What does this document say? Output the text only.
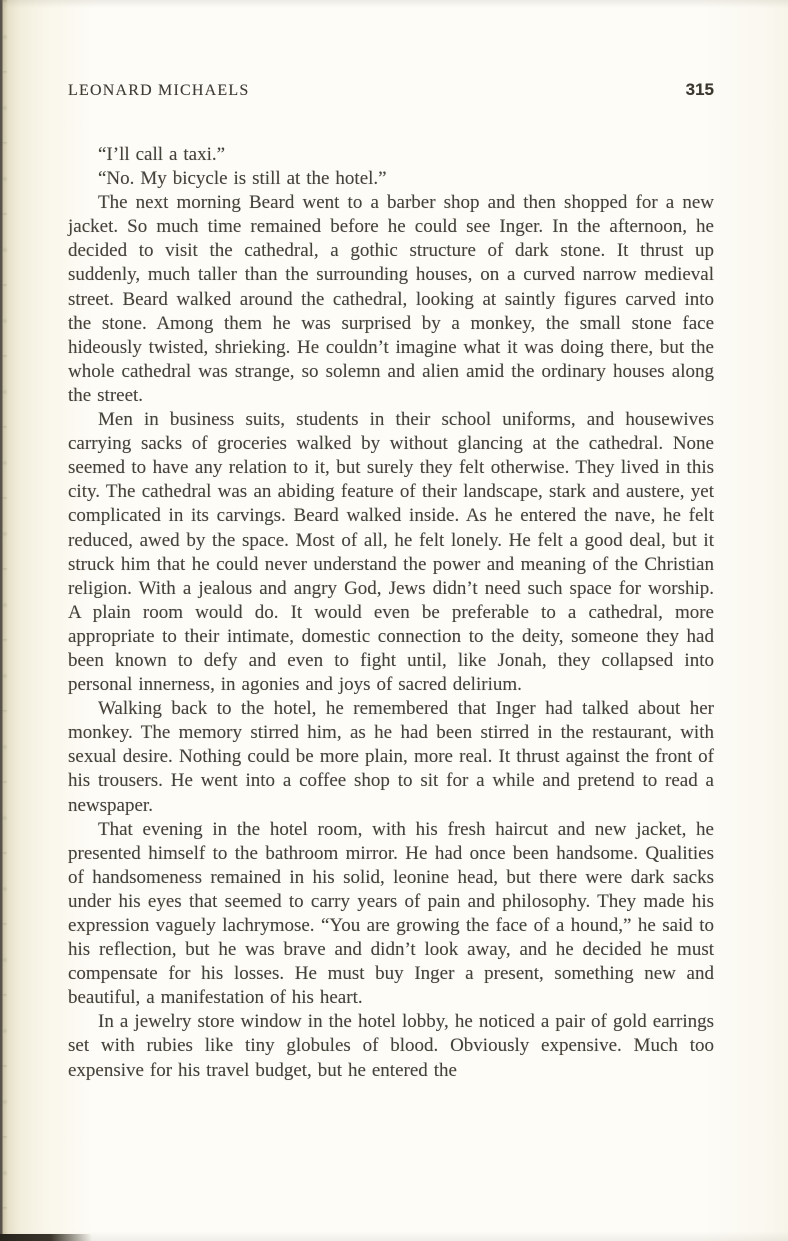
LEONARD MICHAELS	315

“I’ll call a taxi.”

“No. My bicycle is still at the hotel.”

The next morning Beard went to a barber shop and then shopped for a new jacket. So much time remained before he could see Inger. In the afternoon, he decided to visit the cathedral, a gothic structure of dark stone. It thrust up suddenly, much taller than the surrounding houses, on a curved narrow medieval street. Beard walked around the cathedral, looking at saintly figures carved into the stone. Among them he was surprised by a monkey, the small stone face hideously twisted, shrieking. He couldn’t imagine what it was doing there, but the whole cathedral was strange, so solemn and alien amid the ordinary houses along the street.

Men in business suits, students in their school uniforms, and housewives carrying sacks of groceries walked by without glancing at the cathedral. None seemed to have any relation to it, but surely they felt otherwise. They lived in this city. The cathedral was an abiding feature of their landscape, stark and austere, yet complicated in its carvings. Beard walked inside. As he entered the nave, he felt reduced, awed by the space. Most of all, he felt lonely. He felt a good deal, but it struck him that he could never understand the power and meaning of the Christian religion. With a jealous and angry God, Jews didn’t need such space for worship. A plain room would do. It would even be preferable to a cathedral, more appropriate to their intimate, domestic connection to the deity, someone they had been known to defy and even to fight until, like Jonah, they collapsed into personal innerness, in agonies and joys of sacred delirium.

Walking back to the hotel, he remembered that Inger had talked about her monkey. The memory stirred him, as he had been stirred in the restaurant, with sexual desire. Nothing could be more plain, more real. It thrust against the front of his trousers. He went into a coffee shop to sit for a while and pretend to read a newspaper.

That evening in the hotel room, with his fresh haircut and new jacket, he presented himself to the bathroom mirror. He had once been handsome. Qualities of handsomeness remained in his solid, leonine head, but there were dark sacks under his eyes that seemed to carry years of pain and philosophy. They made his expression vaguely lachrymose. “You are growing the face of a hound,” he said to his reflection, but he was brave and didn’t look away, and he decided he must compensate for his losses. He must buy Inger a present, something new and beautiful, a manifestation of his heart.

In a jewelry store window in the hotel lobby, he noticed a pair of gold earrings set with rubies like tiny globules of blood. Obviously expensive. Much too expensive for his travel budget, but he entered the
